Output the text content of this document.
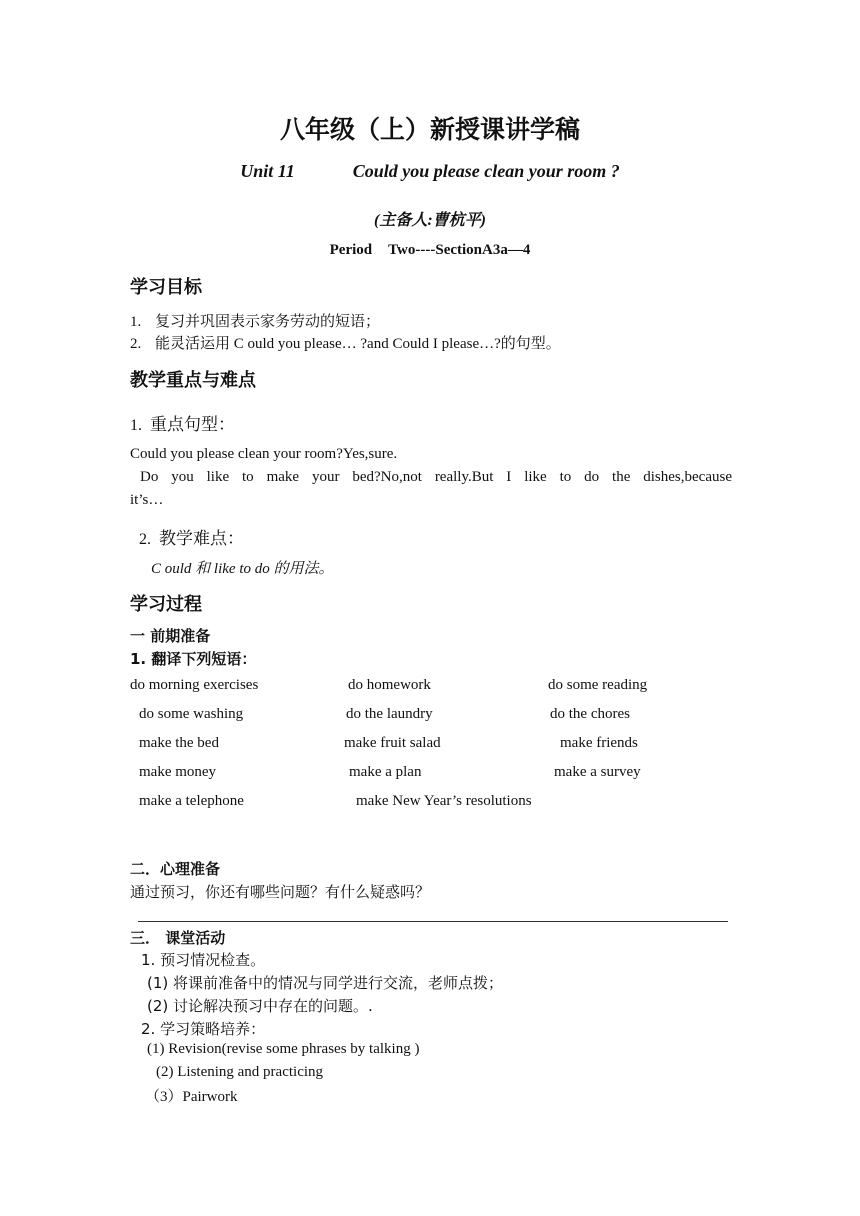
八年级（上）新授课讲学稿
Unit 11	Could you please clean your room ?
(主备人:曹杭平)
Period Two----SectionA3a—4
学习目标
1. 复习并巩固表示家务劳动的短语；
2. 能灵活运用 C ould you please… ?and Could I please…?的句型。
教学重点与难点
1. 重点句型：
Could you please clean your room?Yes,sure.
Do you like to make your bed?No,not really.But I like to do the dishes,because
it’s…
2. 教学难点：
C ould 和 like to do 的用法。
学习过程
一 前期准备
1. 翻译下列短语：
do morning exercises	do homework	do some reading
do some washing	do the laundry	do the chores
make the bed	make fruit salad	make friends
make money	make a plan	make a survey
make a telephone	make New Year’s resolutions
二．心理准备
通过预习，你还有哪些问题？有什么疑惑吗？
三． 课堂活动
1. 预习情况检查。
(1) 将课前准备中的情况与同学进行交流，老师点拨；
(2) 讨论解决预习中存在的问题。.
2. 学习策略培养：
(1) Revision(revise some phrases by talking )
(2) Listening and practicing
（3）Pairwork
